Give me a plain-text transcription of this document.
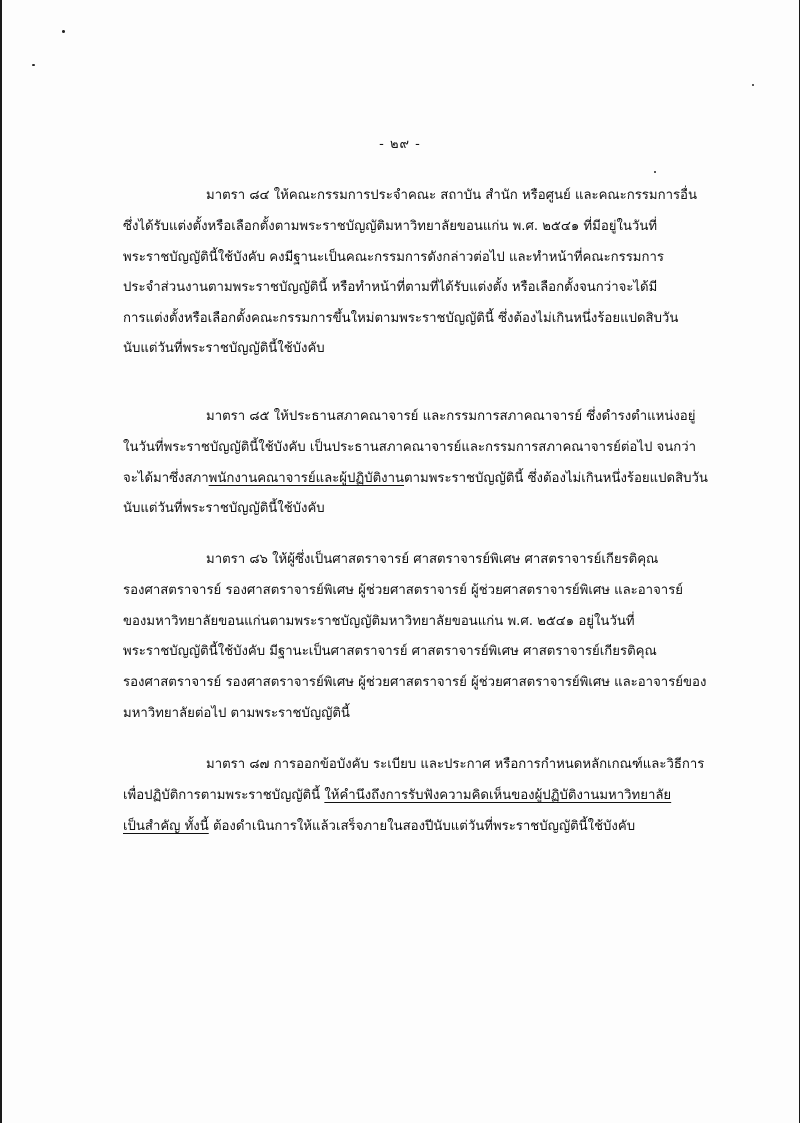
- ๒๙ -
มาตรา ๘๔ ให้คณะกรรมการประจำคณะ สถาบัน สำนัก หรือศูนย์ และคณะกรรมการอื่น
ซึ่งได้รับแต่งตั้งหรือเลือกตั้งตามพระราชบัญญัติมหาวิทยาลัยขอนแก่น พ.ศ. ๒๕๔๑ ที่มีอยู่ในวันที่
พระราชบัญญัตินี้ใช้บังคับ คงมีฐานะเป็นคณะกรรมการดังกล่าวต่อไป และทำหน้าที่คณะกรรมการ
ประจำส่วนงานตามพระราชบัญญัตินี้ หรือทำหน้าที่ตามที่ได้รับแต่งตั้ง หรือเลือกตั้งจนกว่าจะได้มี
การแต่งตั้งหรือเลือกตั้งคณะกรรมการขึ้นใหม่ตามพระราชบัญญัตินี้ ซึ่งต้องไม่เกินหนึ่งร้อยแปดสิบวัน
นับแต่วันที่พระราชบัญญัตินี้ใช้บังคับ
มาตรา ๘๕ ให้ประธานสภาคณาจารย์ และกรรมการสภาคณาจารย์ ซึ่งดำรงตำแหน่งอยู่
ในวันที่พระราชบัญญัตินี้ใช้บังคับ เป็นประธานสภาคณาจารย์และกรรมการสภาคณาจารย์ต่อไป จนกว่า
จะได้มาซึ่งสภาพนักงานคณาจารย์และผู้ปฏิบัติงานตามพระราชบัญญัตินี้ ซึ่งต้องไม่เกินหนึ่งร้อยแปดสิบวัน
นับแต่วันที่พระราชบัญญัตินี้ใช้บังคับ
มาตรา ๘๖ ให้ผู้ซึ่งเป็นศาสตราจารย์ ศาสตราจารย์พิเศษ ศาสตราจารย์เกียรติคุณ
รองศาสตราจารย์ รองศาสตราจารย์พิเศษ ผู้ช่วยศาสตราจารย์ ผู้ช่วยศาสตราจารย์พิเศษ และอาจารย์
ของมหาวิทยาลัยขอนแก่นตามพระราชบัญญัติมหาวิทยาลัยขอนแก่น พ.ศ. ๒๕๔๑ อยู่ในวันที่
พระราชบัญญัตินี้ใช้บังคับ มีฐานะเป็นศาสตราจารย์ ศาสตราจารย์พิเศษ ศาสตราจารย์เกียรติคุณ
รองศาสตราจารย์ รองศาสตราจารย์พิเศษ ผู้ช่วยศาสตราจารย์ ผู้ช่วยศาสตราจารย์พิเศษ และอาจารย์ของ
มหาวิทยาลัยต่อไป ตามพระราชบัญญัตินี้
มาตรา ๘๗ การออกข้อบังคับ ระเบียบ และประกาศ หรือการกำหนดหลักเกณฑ์และวิธีการ
เพื่อปฏิบัติการตามพระราชบัญญัตินี้ ให้คำนึงถึงการรับฟังความคิดเห็นของผู้ปฏิบัติงานมหาวิทยาลัย
เป็นสำคัญ ทั้งนี้ ต้องดำเนินการให้แล้วเสร็จภายในสองปีนับแต่วันที่พระราชบัญญัตินี้ใช้บังคับ
